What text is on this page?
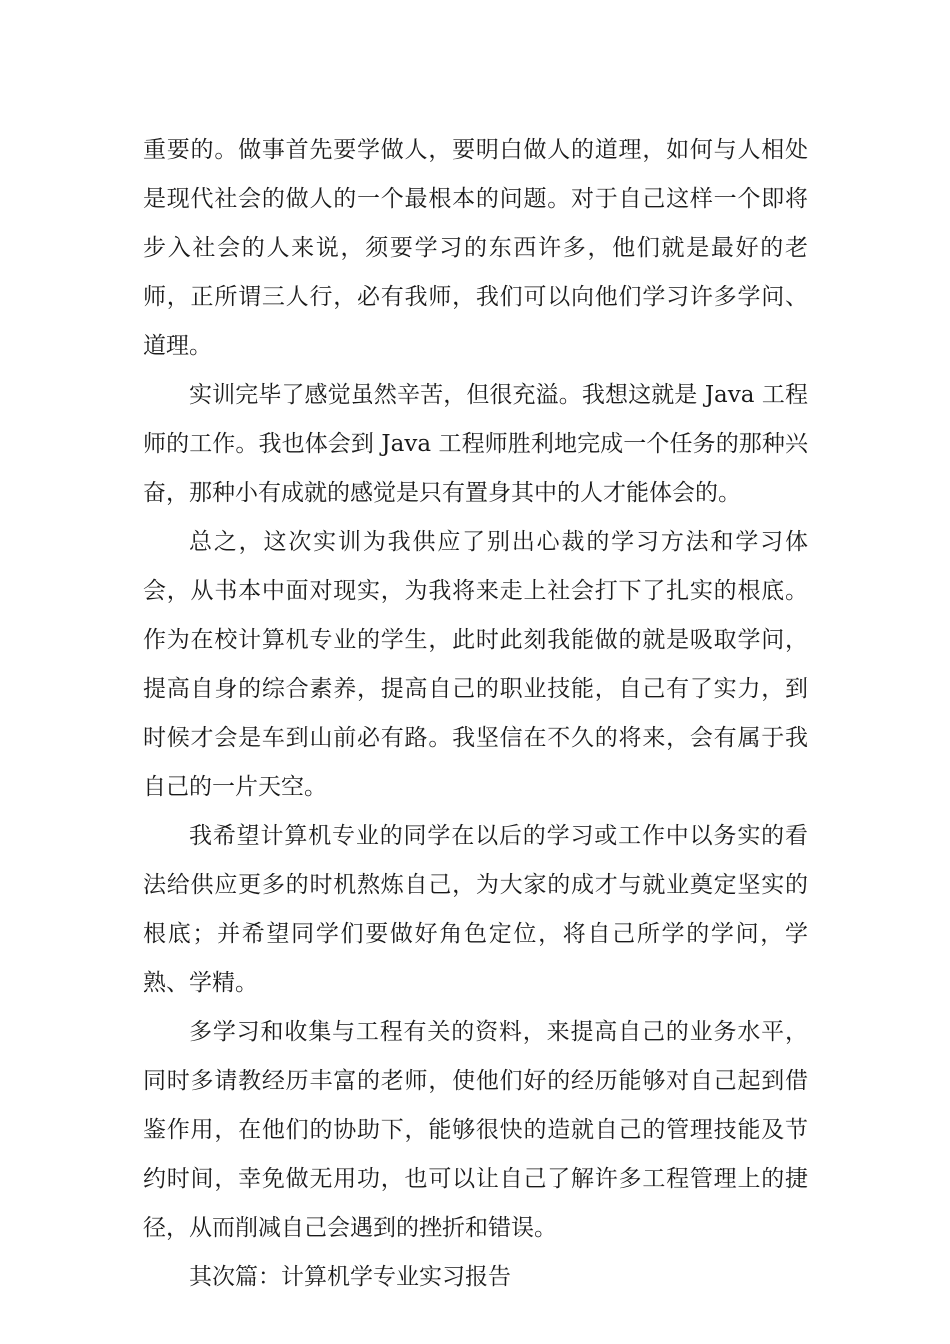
重要的。做事首先要学做人，要明白做人的道理，如何与人相处是现代社会的做人的一个最根本的问题。对于自己这样一个即将步入社会的人来说，须要学习的东西许多，他们就是最好的老师，正所谓三人行，必有我师，我们可以向他们学习许多学问、道理。

实训完毕了感觉虽然辛苦，但很充溢。我想这就是 Java 工程师的工作。我也体会到 Java 工程师胜利地完成一个任务的那种兴奋，那种小有成就的感觉是只有置身其中的人才能体会的。

总之，这次实训为我供应了别出心裁的学习方法和学习体会，从书本中面对现实，为我将来走上社会打下了扎实的根底。作为在校计算机专业的学生，此时此刻我能做的就是吸取学问，提高自身的综合素养，提高自己的职业技能，自己有了实力，到时候才会是车到山前必有路。我坚信在不久的将来，会有属于我自己的一片天空。

我希望计算机专业的同学在以后的学习或工作中以务实的看法给供应更多的时机熬炼自己，为大家的成才与就业奠定坚实的根底；并希望同学们要做好角色定位，将自己所学的学问，学熟、学精。

多学习和收集与工程有关的资料，来提高自己的业务水平，同时多请教经历丰富的老师，使他们好的经历能够对自己起到借鉴作用，在他们的协助下，能够很快的造就自己的管理技能及节约时间，幸免做无用功，也可以让自己了解许多工程管理上的捷径，从而削减自己会遇到的挫折和错误。

其次篇：计算机学专业实习报告
